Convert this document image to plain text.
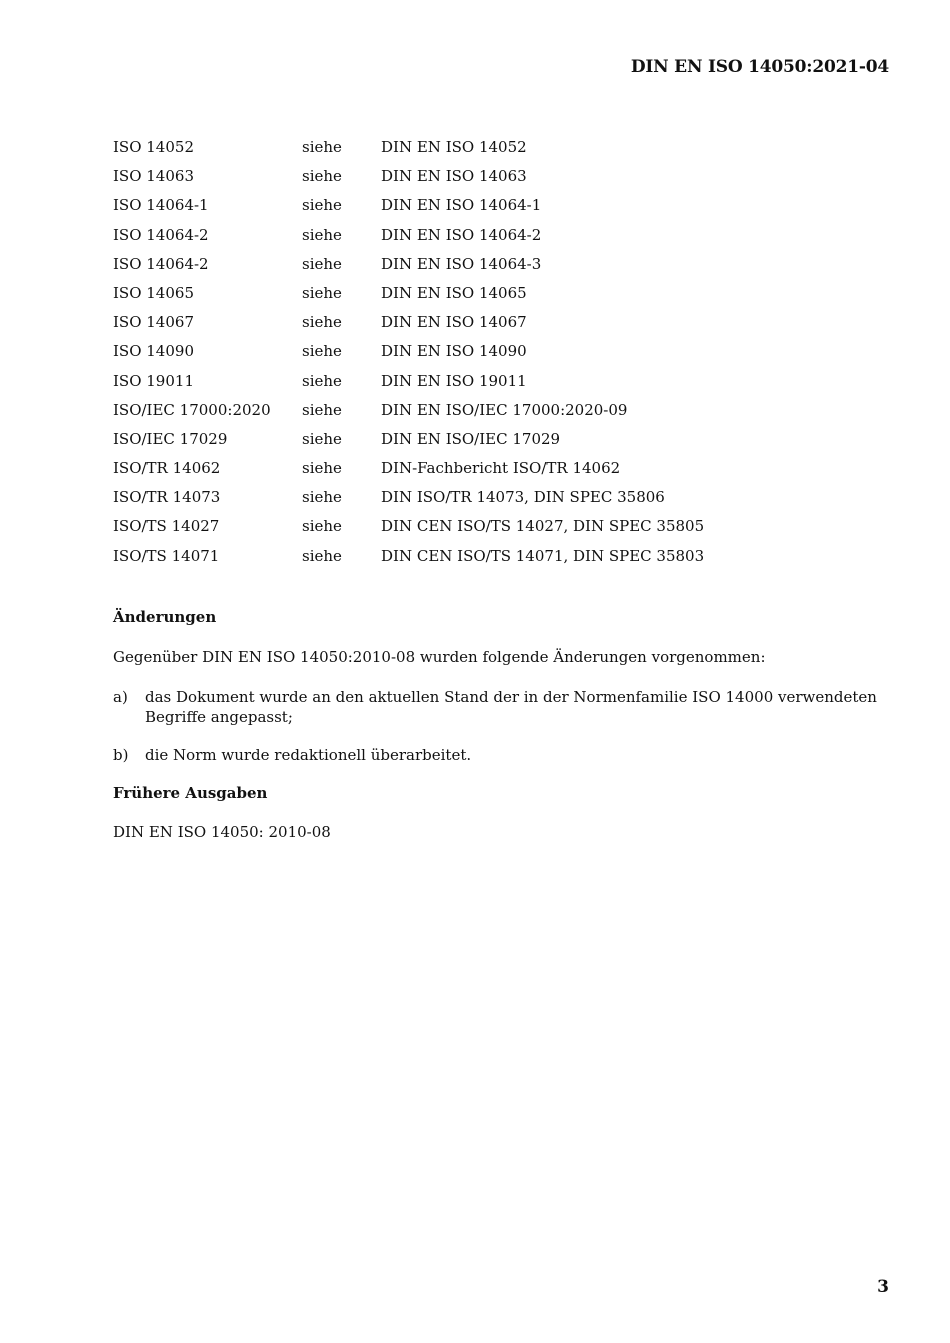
DIN EN ISO 14050:2021-04
ISO 14052	siehe	DIN EN ISO 14052
ISO 14063	siehe	DIN EN ISO 14063
ISO 14064-1	siehe	DIN EN ISO 14064-1
ISO 14064-2	siehe	DIN EN ISO 14064-2
ISO 14064-2	siehe	DIN EN ISO 14064-3
ISO 14065	siehe	DIN EN ISO 14065
ISO 14067	siehe	DIN EN ISO 14067
ISO 14090	siehe	DIN EN ISO 14090
ISO 19011	siehe	DIN EN ISO 19011
ISO/IEC 17000:2020 siehe	DIN EN ISO/IEC 17000:2020-09
ISO/IEC 17029	siehe	DIN EN ISO/IEC 17029
ISO/TR 14062	siehe	DIN-Fachbericht ISO/TR 14062
ISO/TR 14073	siehe	DIN ISO/TR 14073, DIN SPEC 35806
ISO/TS 14027	siehe	DIN CEN ISO/TS 14027, DIN SPEC 35805
ISO/TS 14071	siehe	DIN CEN ISO/TS 14071, DIN SPEC 35803
Änderungen
Gegenüber DIN EN ISO 14050:2010-08 wurden folgende Änderungen vorgenommen:
a) das Dokument wurde an den aktuellen Stand der in der Normenfamilie ISO 14000 verwendeten Begriffe angepasst;
b) die Norm wurde redaktionell überarbeitet.
Frühere Ausgaben
DIN EN ISO 14050: 2010-08
3
